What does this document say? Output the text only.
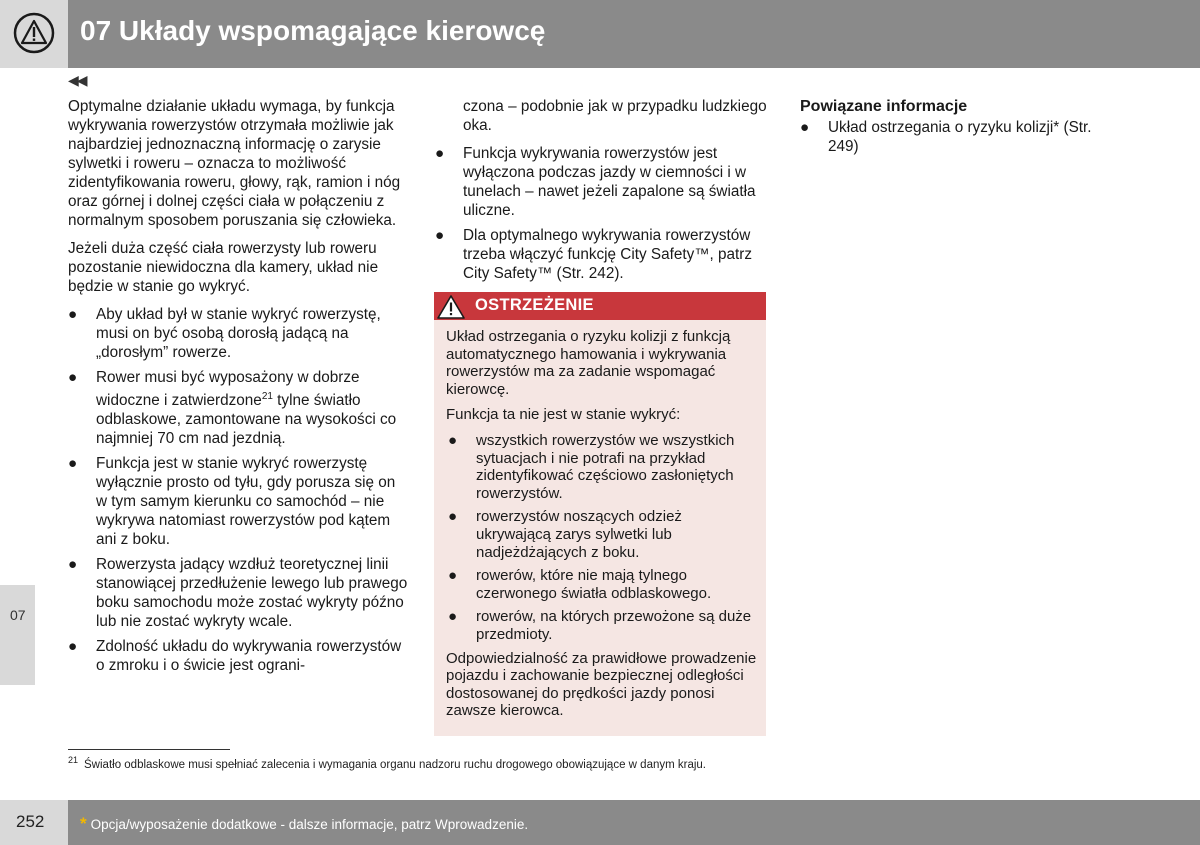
07 Układy wspomagające kierowcę
◀◀
07

Optymalne działanie układu wymaga, by funkcja wykrywania rowerzystów otrzymała możliwie jak najbardziej jednoznaczną informację o zarysie sylwetki i roweru – oznacza to możliwość zidentyfikowania roweru, głowy, rąk, ramion i nóg oraz górnej i dolnej części ciała w połączeniu z normalnym sposobem poruszania się człowieka.

Jeżeli duża część ciała rowerzysty lub roweru pozostanie niewidoczna dla kamery, układ nie będzie w stanie go wykryć.

● Aby układ był w stanie wykryć rowerzystę, musi on być osobą dorosłą jadącą na „dorosłym” rowerze.
● Rower musi być wyposażony w dobrze widoczne i zatwierdzone$^{21}$ tylne światło odblaskowe, zamontowane na wysokości co najmniej 70 cm nad jezdnią.
● Funkcja jest w stanie wykryć rowerzystę wyłącznie prosto od tyłu, gdy porusza się on w tym samym kierunku co samochód – nie wykrywa natomiast rowerzystów pod kątem ani z boku.
● Rowerzysta jadący wzdłuż teoretycznej linii stanowiącej przedłużenie lewego lub prawego boku samochodu może zostać wykryty późno lub nie zostać wykryty wcale.
● Zdolność układu do wykrywania rowerzystów o zmroku i o świcie jest ograni-

czona – podobnie jak w przypadku ludzkiego oka.

● Funkcja wykrywania rowerzystów jest wyłączona podczas jazdy w ciemności i w tunelach – nawet jeżeli zapalone są światła uliczne.
● Dla optymalnego wykrywania rowerzystów trzeba włączyć funkcję City Safety™, patrz City Safety™ (Str. 242).
OSTRZEŻENIE

Układ ostrzegania o ryzyku kolizji z funkcją automatycznego hamowania i wykrywania rowerzystów ma za zadanie wspomagać kierowcę.

Funkcja ta nie jest w stanie wykryć:

● wszystkich rowerzystów we wszystkich sytuacjach i nie potrafi na przykład zidentyfikować częściowo zasłoniętych rowerzystów.
● rowerzystów noszących odzież ukrywającą zarys sylwetki lub nadjeżdżających z boku.
● rowerów, które nie mają tylnego czerwonego światła odblaskowego.
● rowerów, na których przewożone są duże przedmioty.

Odpowiedzialność za prawidłowe prowadzenie pojazdu i zachowanie bezpiecznej odległości dostosowanej do prędkości jazdy ponosi zawsze kierowca.

Powiązane informacje
● Układ ostrzegania o ryzyku kolizji* (Str. 249)
$^{21}$ Światło odblaskowe musi spełniać zalecenia i wymagania organu nadzoru ruchu drogowego obowiązujące w danym kraju.
252 * Opcja/wyposażenie dodatkowe - dalsze informacje, patrz Wprowadzenie.
